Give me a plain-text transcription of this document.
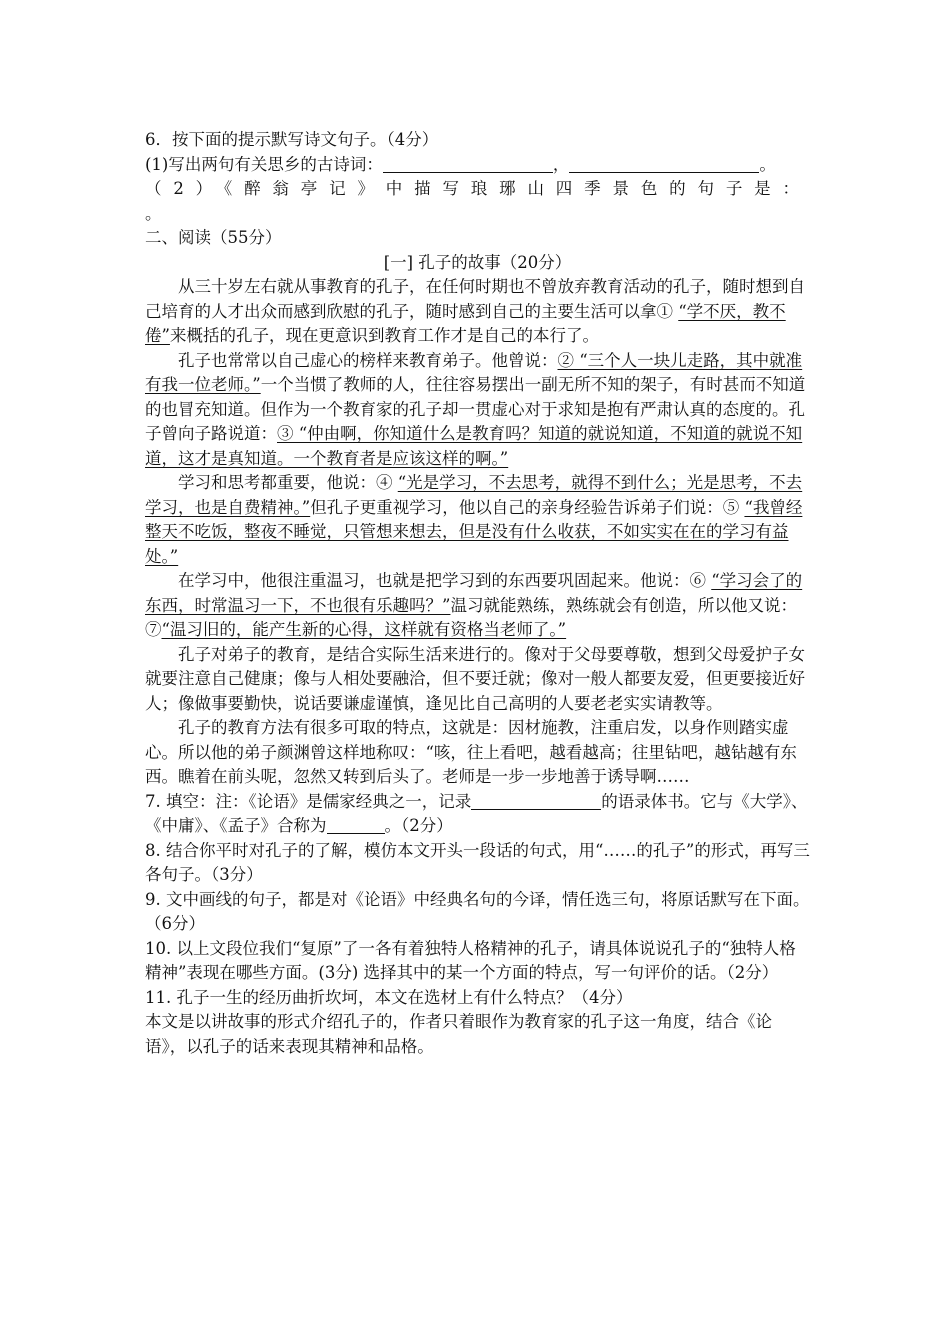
6．按下面的提示默写诗文句子。（4分）
(1)写出两句有关思乡的古诗词：	，	。
（2）《醉翁亭记》中描写琅琊山四季景色的句子是：
。
二、阅读（55分）
[一] 孔子的故事（20分）

从三十岁左右就从事教育的孔子，在任何时期也不曾放弃教育活动的孔子，随时想到自己培育的人才出众而感到欣慰的孔子，随时感到自己的主要生活可以拿① “学不厌，教不倦”来概括的孔子，现在更意识到教育工作才是自己的本行了。

孔子也常常以自己虚心的榜样来教育弟子。他曾说：② “三个人一块儿走路，其中就准有我一位老师。”一个当惯了教师的人，往往容易摆出一副无所不知的架子，有时甚而不知道的也冒充知道。但作为一个教育家的孔子却一贯虚心对于求知是抱有严肃认真的态度的。孔子曾向子路说道：③ “仲由啊，你知道什么是教育吗？知道的就说知道，不知道的就说不知道，这才是真知道。一个教育者是应该这样的啊。”

学习和思考都重要，他说：④ “光是学习，不去思考，就得不到什么；光是思考，不去学习，也是自费精神。”但孔子更重视学习，他以自己的亲身经验告诉弟子们说：⑤ “我曾经整天不吃饭，整夜不睡觉，只管想来想去，但是没有什么收获，不如实实在在的学习有益处。”

在学习中，他很注重温习，也就是把学习到的东西要巩固起来。他说：⑥ “学习会了的东西，时常温习一下，不也很有乐趣吗？”温习就能熟练，熟练就会有创造，所以他又说：⑦“温习旧的，能产生新的心得，这样就有资格当老师了。”

孔子对弟子的教育，是结合实际生活来进行的。像对于父母要尊敬，想到父母爱护子女就要注意自己健康；像与人相处要融洽，但不要迁就；像对一般人都要友爱，但更要接近好人；像做事要勤快，说话要谦虚谨慎，逢见比自己高明的人要老老实实请教等。

孔子的教育方法有很多可取的特点，这就是：因材施教，注重启发，以身作则踏实虚心。所以他的弟子颜渊曾这样地称叹：“咳，往上看吧，越看越高；往里钻吧，越钻越有东西。瞧着在前头呢，忽然又转到后头了。老师是一步一步地善于诱导啊……

7. 填空：注：《论语》是儒家经典之一，记录	的语录体书。它与《大学》、《中庸》、《孟子》合称为	。（2分）

8. 结合你平时对孔子的了解，模仿本文开头一段话的句式，用“……的孔子”的形式，再写三各句子。（3分）

9. 文中画线的句子，都是对《论语》中经典名句的今译，情任选三句，将原话默写在下面。（6分）

10. 以上文段位我们“复原”了一各有着独特人格精神的孔子，请具体说说孔子的“独特人格精神”表现在哪些方面。(3分) 选择其中的某一个方面的特点，写一句评价的话。（2分）

11. 孔子一生的经历曲折坎坷，本文在选材上有什么特点？（4分）

本文是以讲故事的形式介绍孔子的，作者只着眼作为教育家的孔子这一角度，结合《论语》，以孔子的话来表现其精神和品格。
